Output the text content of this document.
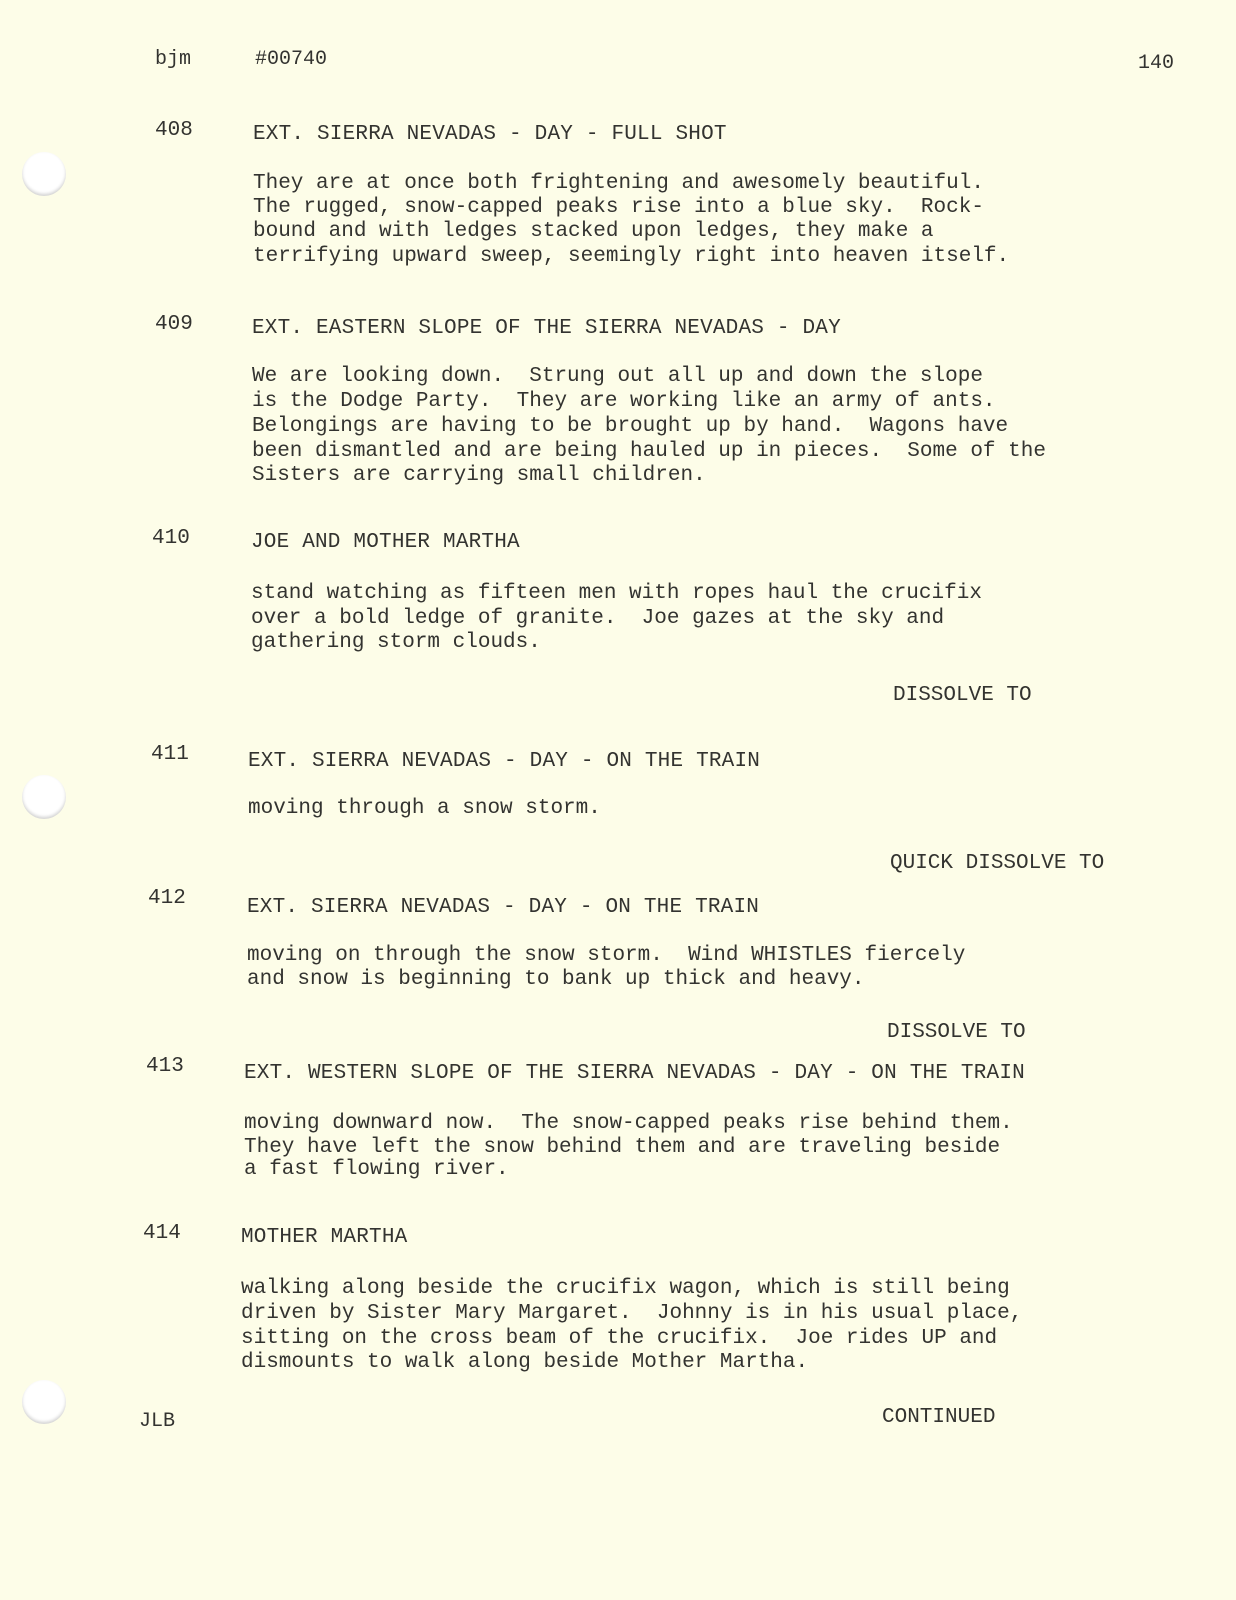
bjm	#00740	140
408	EXT. SIERRA NEVADAS - DAY - FULL SHOT
They are at once both frightening and awesomely beautiful.
The rugged, snow-capped peaks rise into a blue sky.  Rock-
bound and with ledges stacked upon ledges, they make a
terrifying upward sweep, seemingly right into heaven itself.
409	EXT. EASTERN SLOPE OF THE SIERRA NEVADAS - DAY
We are looking down.  Strung out all up and down the slope
is the Dodge Party.  They are working like an army of ants.
Belongings are having to be brought up by hand.  Wagons have
been dismantled and are being hauled up in pieces.  Some of the
Sisters are carrying small children.
410	JOE AND MOTHER MARTHA
stand watching as fifteen men with ropes haul the crucifix
over a bold ledge of granite.  Joe gazes at the sky and
gathering storm clouds.
DISSOLVE TO
411	EXT. SIERRA NEVADAS - DAY - ON THE TRAIN
moving through a snow storm.
QUICK DISSOLVE TO
412	EXT. SIERRA NEVADAS - DAY - ON THE TRAIN
moving on through the snow storm.  Wind WHISTLES fiercely
and snow is beginning to bank up thick and heavy.
DISSOLVE TO
413	EXT. WESTERN SLOPE OF THE SIERRA NEVADAS - DAY - ON THE TRAIN
moving downward now.  The snow-capped peaks rise behind them.
They have left the snow behind them and are traveling beside
a fast flowing river.
414	MOTHER MARTHA
walking along beside the crucifix wagon, which is still being
driven by Sister Mary Margaret.  Johnny is in his usual place,
sitting on the cross beam of the crucifix.  Joe rides UP and
dismounts to walk along beside Mother Martha.
JLB	CONTINUED
